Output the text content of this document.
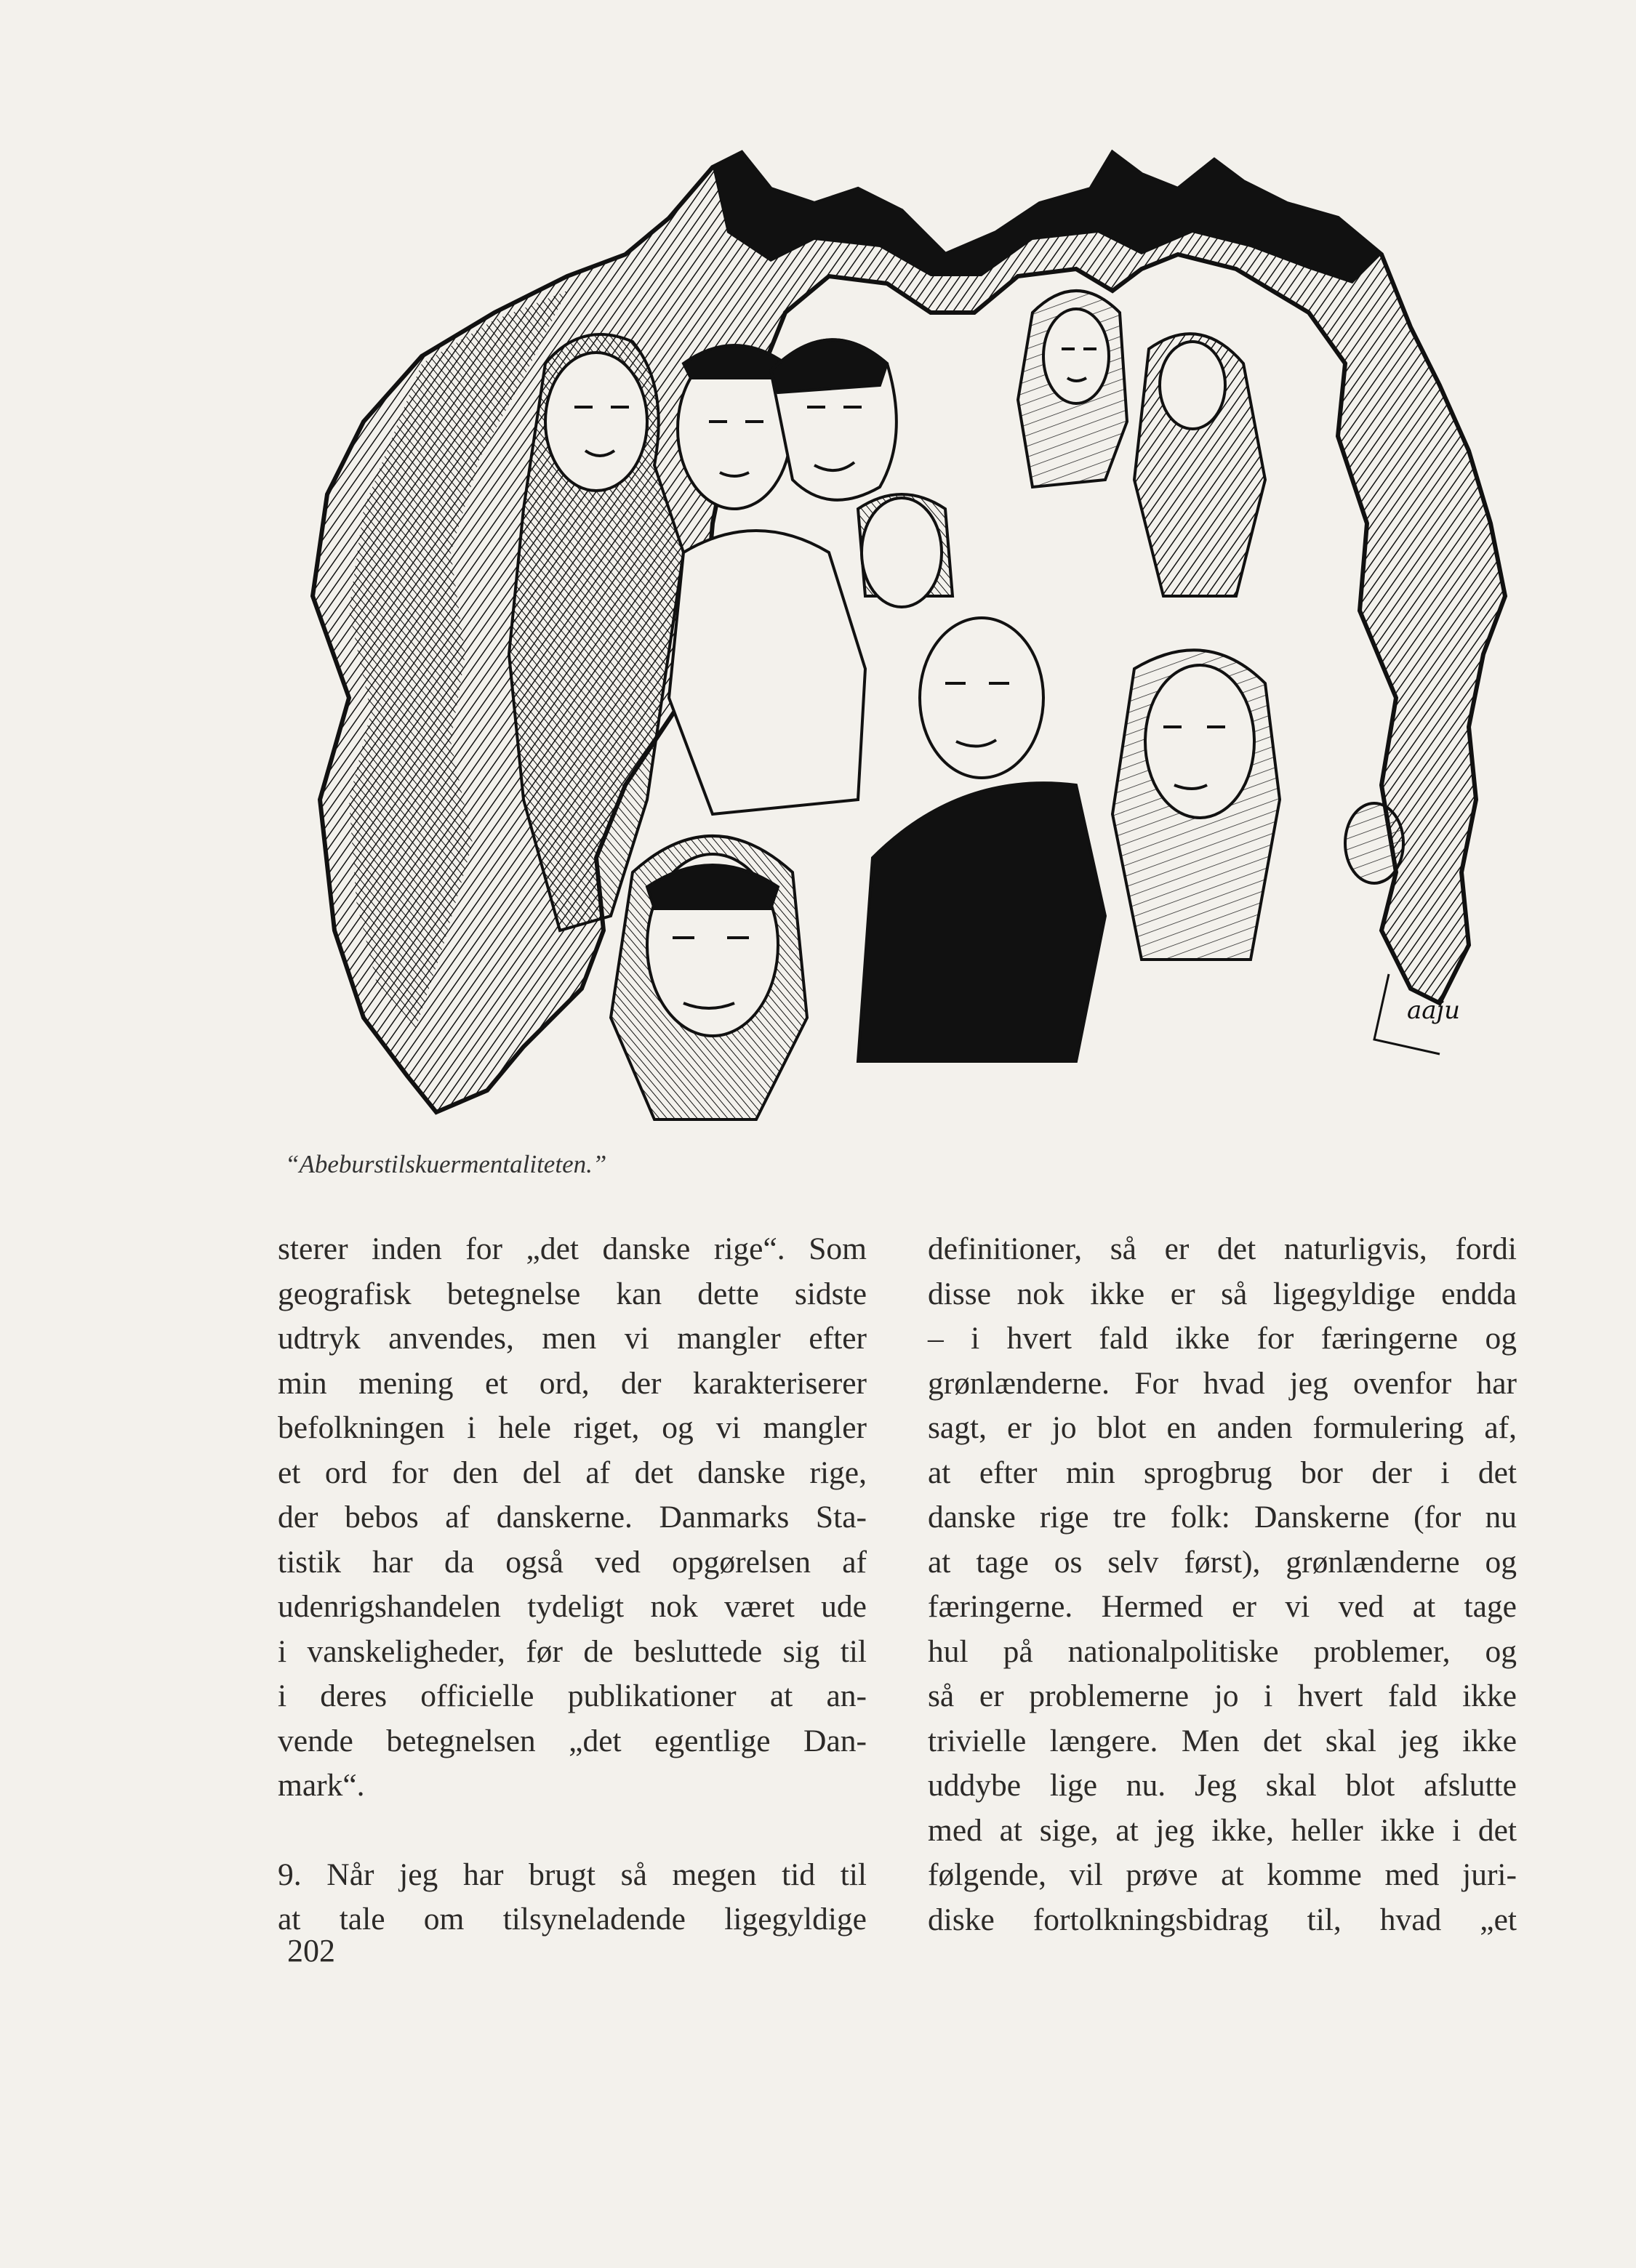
aaju
“Abeburstilskuermentaliteten.”
sterer inden for „det danske rige“. Som
geografisk betegnelse kan dette sidste
udtryk anvendes, men vi mangler efter
min mening et ord, der karakteriserer
befolkningen i hele riget, og vi mangler
et ord for den del af det danske rige,
der bebos af danskerne. Danmarks Sta-
tistik har da også ved opgørelsen af
udenrigshandelen tydeligt nok været ude
i vanskeligheder, før de besluttede sig til
i deres officielle publikationer at an-
vende betegnelsen „det egentlige Dan-
mark“.
9. Når jeg har brugt så megen tid til
at tale om tilsyneladende ligegyldige
definitioner, så er det naturligvis, fordi
disse nok ikke er så ligegyldige endda
– i hvert fald ikke for færingerne og
grønlænderne. For hvad jeg ovenfor har
sagt, er jo blot en anden formulering af,
at efter min sprogbrug bor der i det
danske rige tre folk: Danskerne (for nu
at tage os selv først), grønlænderne og
færingerne. Hermed er vi ved at tage
hul på nationalpolitiske problemer, og
så er problemerne jo i hvert fald ikke
trivielle længere. Men det skal jeg ikke
uddybe lige nu. Jeg skal blot afslutte
med at sige, at jeg ikke, heller ikke i det
følgende, vil prøve at komme med juri-
diske fortolkningsbidrag til, hvad „et
202
